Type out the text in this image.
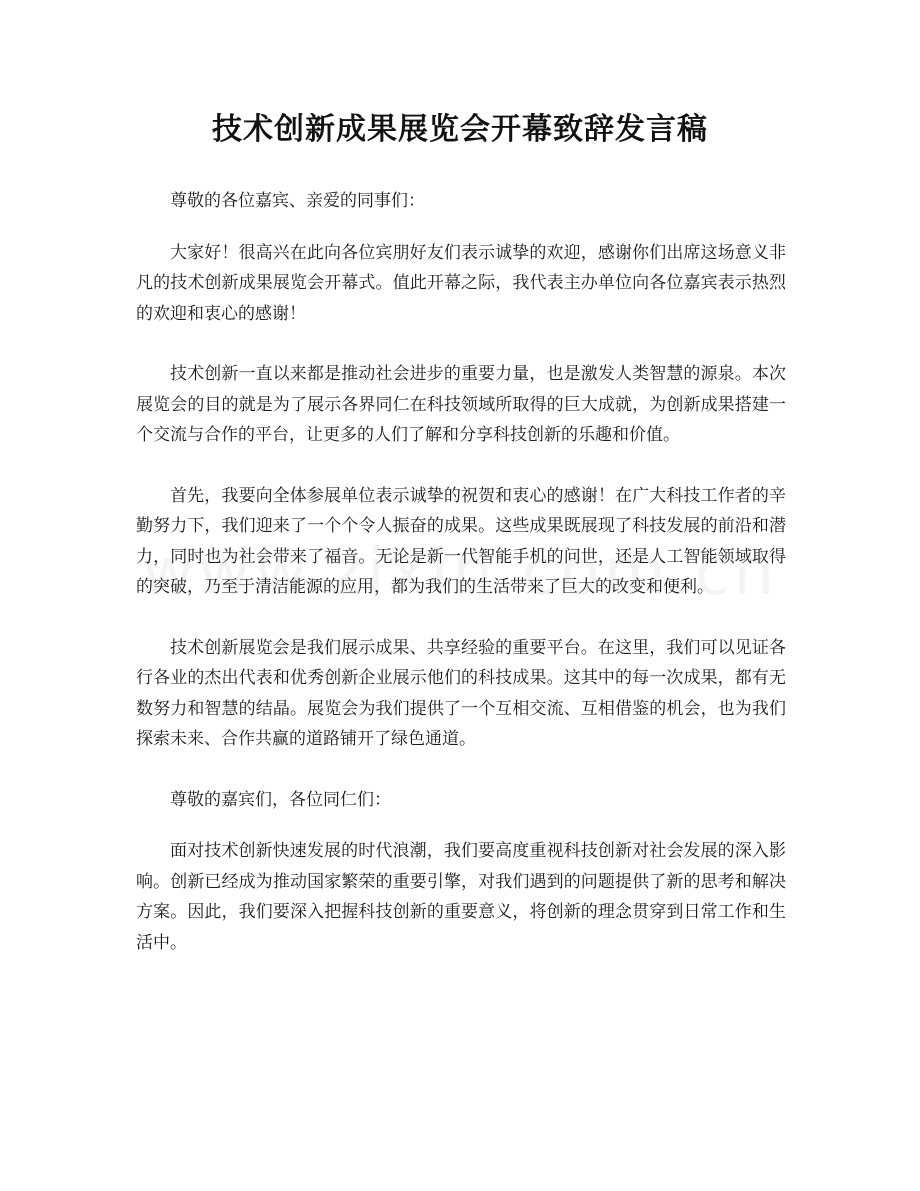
技术创新成果展览会开幕致辞发言稿

尊敬的各位嘉宾、亲爱的同事们：

大家好！很高兴在此向各位宾朋好友们表示诚挚的欢迎，感谢你们出席这场意义非凡的技术创新成果展览会开幕式。值此开幕之际，我代表主办单位向各位嘉宾表示热烈的欢迎和衷心的感谢！

技术创新一直以来都是推动社会进步的重要力量，也是激发人类智慧的源泉。本次展览会的目的就是为了展示各界同仁在科技领域所取得的巨大成就，为创新成果搭建一个交流与合作的平台，让更多的人们了解和分享科技创新的乐趣和价值。

首先，我要向全体参展单位表示诚挚的祝贺和衷心的感谢！在广大科技工作者的辛勤努力下，我们迎来了一个个令人振奋的成果。这些成果既展现了科技发展的前沿和潜力，同时也为社会带来了福音。无论是新一代智能手机的问世，还是人工智能领域取得的突破，乃至于清洁能源的应用，都为我们的生活带来了巨大的改变和便利。

技术创新展览会是我们展示成果、共享经验的重要平台。在这里，我们可以见证各行各业的杰出代表和优秀创新企业展示他们的科技成果。这其中的每一次成果，都有无数努力和智慧的结晶。展览会为我们提供了一个互相交流、互相借鉴的机会，也为我们探索未来、合作共赢的道路铺开了绿色通道。

尊敬的嘉宾们，各位同仁们：

面对技术创新快速发展的时代浪潮，我们要高度重视科技创新对社会发展的深入影响。创新已经成为推动国家繁荣的重要引擎，对我们遇到的问题提供了新的思考和解决方案。因此，我们要深入把握科技创新的重要意义，将创新的理念贯穿到日常工作和生活中。
